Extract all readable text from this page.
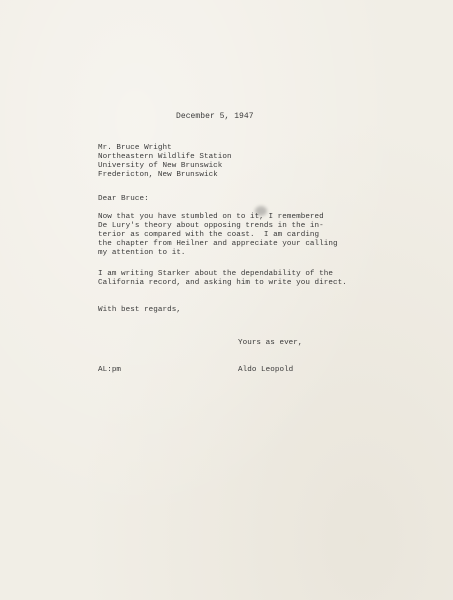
December 5, 1947
Mr. Bruce Wright
Northeastern Wildlife Station
University of New Brunswick
Fredericton, New Brunswick
Dear Bruce:
Now that you have stumbled on to it, I remembered
De Lury's theory about opposing trends in the in-
terior as compared with the coast.  I am carding
the chapter from Heilner and appreciate your calling
my attention to it.
I am writing Starker about the dependability of the
California record, and asking him to write you direct.
With best regards,
Yours as ever,
AL:pm	Aldo Leopold
